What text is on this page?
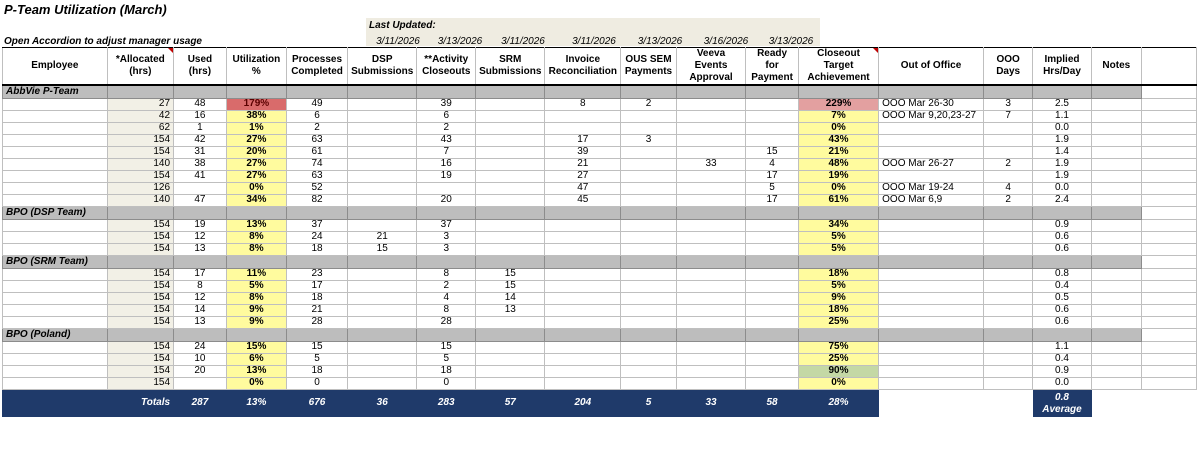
P-Team Utilization (March)
Last Updated:
3/11/2026	3/13/2026	3/11/2026	3/11/2026	3/13/2026	3/16/2026	3/13/2026
Open Accordion to adjust manager usage
Employee	*Allocated (hrs)	Used (hrs)	Utilization %	Processes Completed	DSP Submissions	**Activity Closeouts	SRM Submissions	Invoice Reconciliation	OUS SEM Payments	Veeva Events Approval	Ready for Payment	Closeout Target Achievement	Out of Office	OOO Days	Implied Hrs/Day	Notes	
AbbVie P-Team																	
	27	48	179%	49		39		8	2			229%	OOO Mar 26-30	3	2.5		
	42	16	38%	6		6						7%	OOO Mar 9,20,23-27	7	1.1		
	62	1	1%	2		2						0%			0.0		
	154	42	27%	63		43		17	3			43%			1.9		
	154	31	20%	61		7		39			15	21%			1.4		
	140	38	27%	74		16		21		33	4	48%	OOO Mar 26-27	2	1.9		
	154	41	27%	63		19		27			17	19%			1.9		
	126		0%	52				47			5	0%	OOO Mar 19-24	4	0.0		
	140	47	34%	82		20		45			17	61%	OOO Mar 6,9	2	2.4		
BPO (DSP Team)																	
	154	19	13%	37		37						34%			0.9		
	154	12	8%	24	21	3						5%			0.6		
	154	13	8%	18	15	3						5%			0.6		
BPO (SRM Team)																	
	154	17	11%	23		8	15					18%			0.8		
	154	8	5%	17		2	15					5%			0.4		
	154	12	8%	18		4	14					9%			0.5		
	154	14	9%	21		8	13					18%			0.6		
	154	13	9%	28		28						25%			0.6		
BPO (Poland)																	
	154	24	15%	15		15						75%			1.1		
	154	10	6%	5		5						25%			0.4		
	154	20	13%	18		18						90%			0.9		
	154		0%	0		0						0%			0.0		
	Totals	287	13%	676	36	283	57	204	5	33	58	28%			0.8
Average		
